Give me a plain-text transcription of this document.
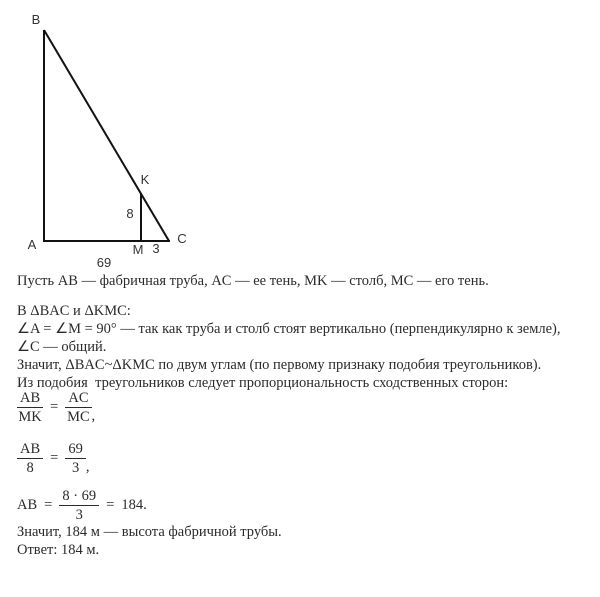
B
A	C
K
M
8
3
69

Пусть AB — фабричная труба, AC — ее тень, MK — столб, MC — его тень.

В ΔBAC и ΔKMC:

∠A = ∠M = 90° — так как труба и столб стоят вертикально (перпендикулярно к земле),

∠C — общий.

Значит, ΔBAC~ΔKMC по двум углам (по первому признаку подобия треугольников).

Из подобия  треугольников следует пропорциональность сходственных сторон:

$\frac{AB}{MK} = \frac{AC}{MC}$ ,
$\frac{AB}{8} = \frac{69}{3}$ ,
AB = $\frac{8 \cdot 69}{3} = 184$.

Значит, 184 м — высота фабричной трубы.

Ответ: 184 м.
